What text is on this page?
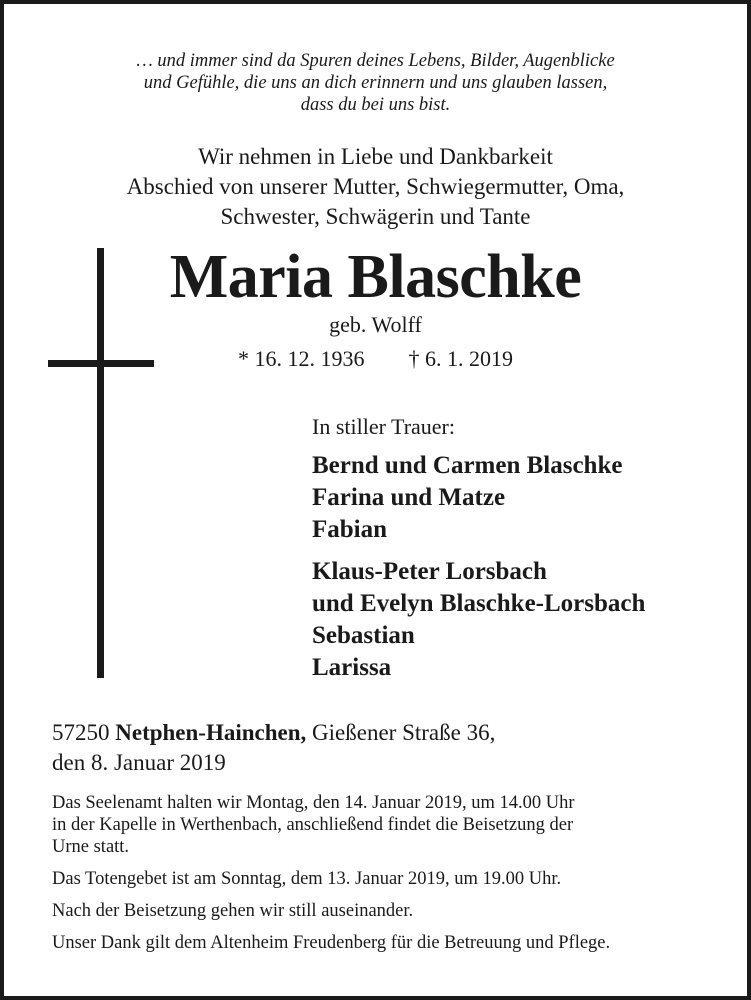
… und immer sind da Spuren deines Lebens, Bilder, Augenblicke
und Gefühle, die uns an dich erinnern und uns glauben lassen,
dass du bei uns bist.
Wir nehmen in Liebe und Dankbarkeit
Abschied von unserer Mutter, Schwiegermutter, Oma,
Schwester, Schwägerin und Tante
Maria Blaschke
geb. Wolff
* 16. 12. 1936 † 6. 1. 2019
In stiller Trauer:
Bernd und Carmen Blaschke
Farina und Matze
Fabian
Klaus-Peter Lorsbach
und Evelyn Blaschke-Lorsbach
Sebastian
Larissa
57250 Netphen-Hainchen, Gießener Straße 36,
den 8. Januar 2019

Das Seelenamt halten wir Montag, den 14. Januar 2019, um 14.00 Uhr
in der Kapelle in Werthenbach, anschließend findet die Beisetzung der
Urne statt.

Das Totengebet ist am Sonntag, dem 13. Januar 2019, um 19.00 Uhr.

Nach der Beisetzung gehen wir still auseinander.

Unser Dank gilt dem Altenheim Freudenberg für die Betreuung und Pflege.
